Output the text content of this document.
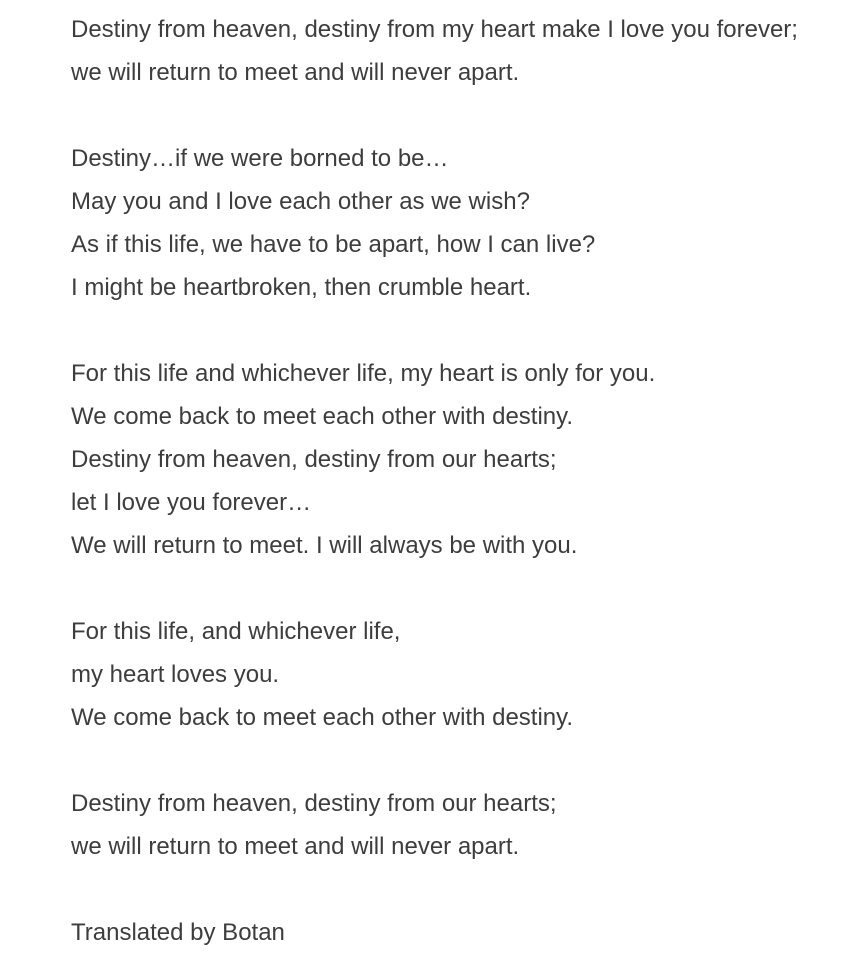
Destiny from heaven, destiny from my heart make I love you forever;
we will return to meet and will never apart.
Destiny…if we were borned to be…
May you and I love each other as we wish?
As if this life, we have to be apart, how I can live?
I might be heartbroken, then crumble heart.
For this life and whichever life, my heart is only for you.
We come back to meet each other with destiny.
Destiny from heaven, destiny from our hearts;
let I love you forever…
We will return to meet. I will always be with you.
For this life, and whichever life,
my heart loves you.
We come back to meet each other with destiny.
Destiny from heaven, destiny from our hearts;
we will return to meet and will never apart.
Translated by Botan
